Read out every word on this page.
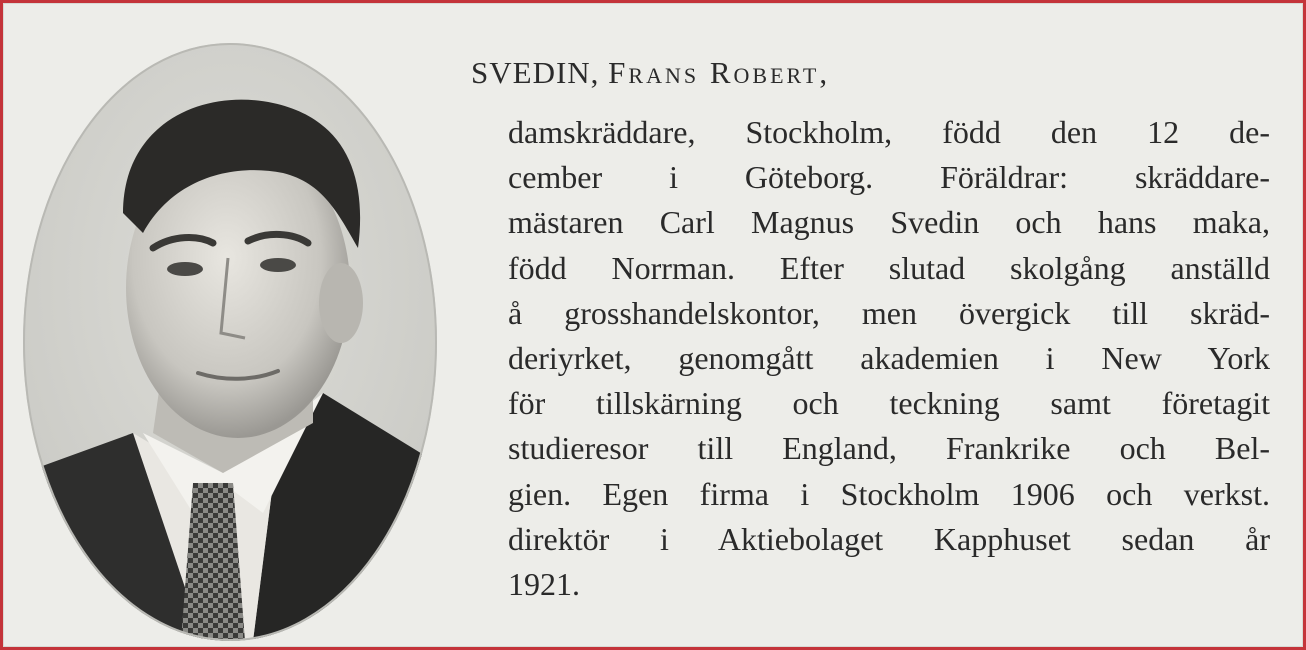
SVEDIN, Frans Robert,
damskräddare, Stockholm, född den 12 de-
cember i Göteborg. Föräldrar: skräddare-
mästaren Carl Magnus Svedin och hans maka,
född Norrman. Efter slutad skolgång anställd
å grosshandelskontor, men övergick till skräd-
deriyrket, genomgått akademien i New York
för tillskärning och teckning samt företagit
studieresor till England, Frankrike och Bel-
gien. Egen firma i Stockholm 1906 och verkst.
direktör i Aktiebolaget Kapphuset sedan år
1921.
